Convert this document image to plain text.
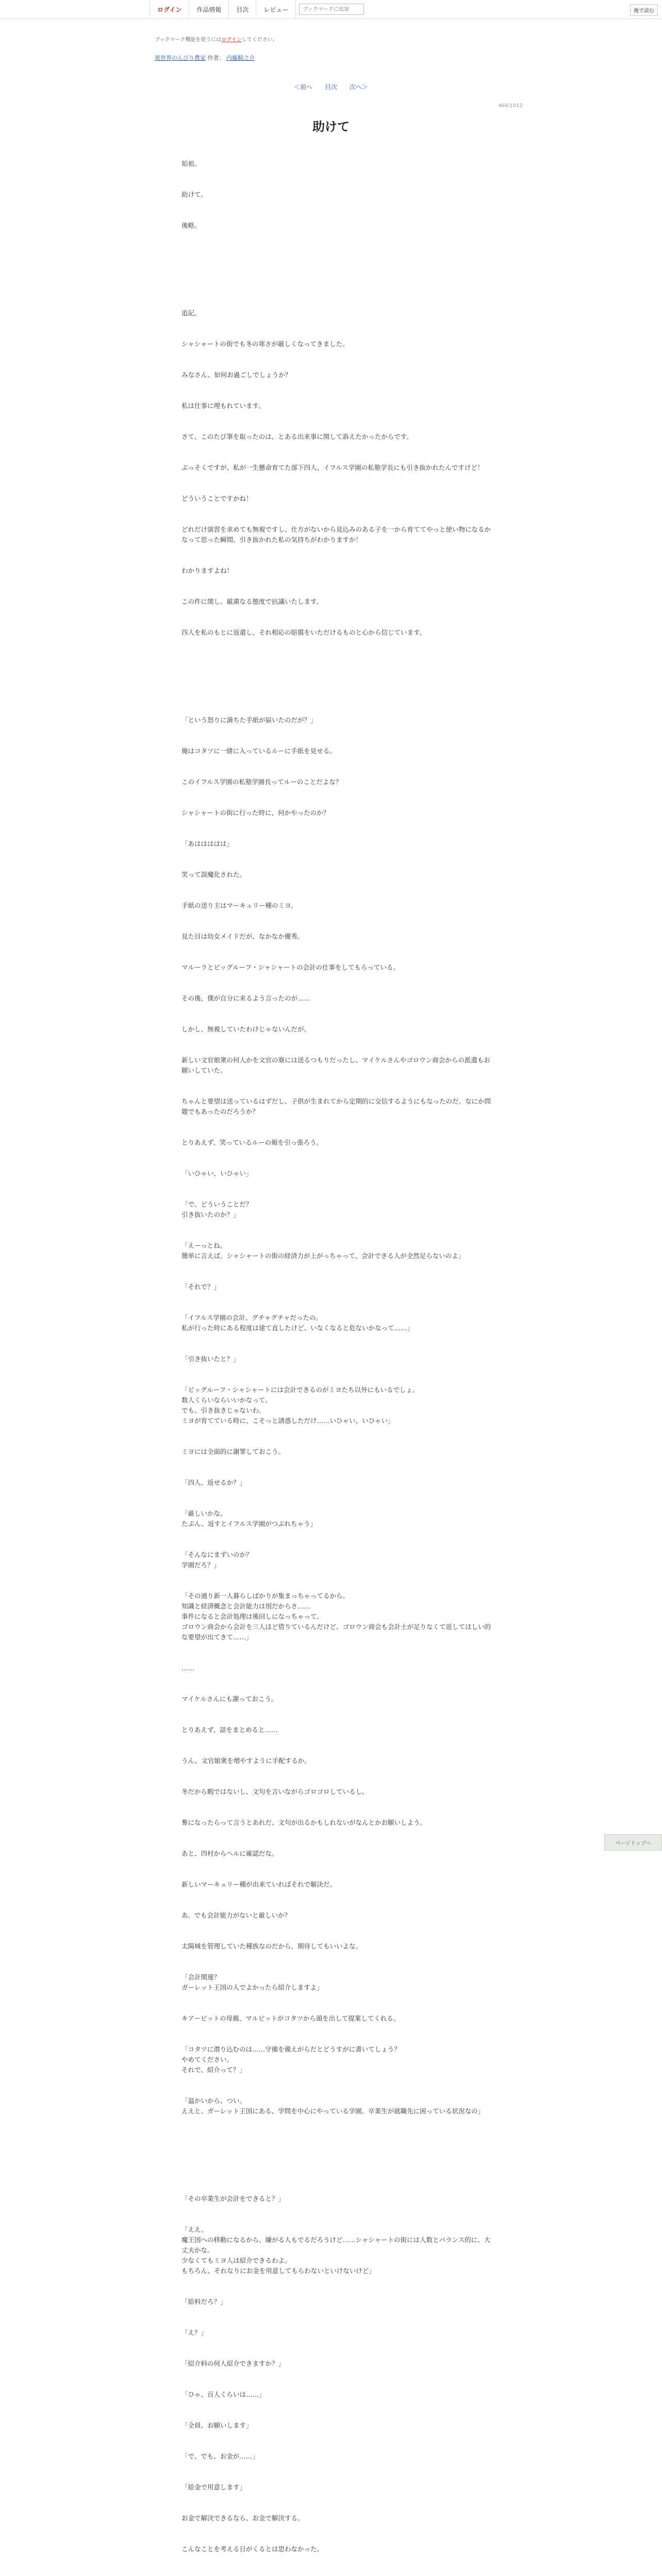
ログイン	作品情報	目次	レビュー
ブックマークに追加	後で読む
ブックマーク機能を使うにはログインしてください。
異世界のんびり農家 作者： 内藤騎之介
＜前へ 目次 次へ＞
464/1012
助けて

始祖。

助けて。

後略。

追記。

シャシャートの街でも冬の寒さが厳しくなってきました。

みなさん、如何お過ごしでしょうか？

私は仕事に埋もれています。

さて、このたび筆を取ったのは、とある出来事に関して訴えたかったからです。

ぶっそくですが、私が一生懸命育てた部下四人、イフルス学園の私塾学長にも引き抜かれたんですけど！

どういうことですかね！

どれだけ演習を求めても無視ですし、仕方がないから見込みのある子を一から育ててやっと使い物になるかなって思った瞬間、引き抜かれた私の気持ちがわかりますか！

わかりますよね！

この件に関し、厳粛なる態度で抗議いたします。

四人を私のもとに返還し、それ相応の賠償をいただけるものと心から信じています。

「という怒りに満ちた手紙が届いたのだが？」

俺はコタツに一緒に入っているルーに手紙を見せる。

このイフルス学園の私塾学園長ってルーのことだよな？

シャシャートの街に行った時に、何かやったのか？

「あははははは」

笑って誤魔化された。

手紙の送り主はマーキュリー種のミヨ。

見た目は幼女メイドだが、なかなか優秀。

マルーラとビッグルーフ・シャシャートの会計の仕事をしてもらっている。

その後、僕が自分に来るよう言ったのが……

しかし、無視していたわけじゃないんだが。

新しい文官娘衆の何人かを文官の寮には送るつもりだったし、マイケルさんやゴロウン商会からの派遣もお願いしていた。

ちゃんと要望は送っているはずだし、子供が生まれてから定期的に交信するようにもなったのだ。なにか問題でもあったのだろうか？

とりあえず、笑っているルーの頬を引っ張ろう。

「いひゃい、いひゃい」

「で、どういうことだ？
引き抜いたのか？」

「えーっとね。
簡単に言えば、シャシャートの街の経済力が上がっちゃって、会計できる人が全然足らないのよ」

「それで？」

「イフルス学園の会計、グチャグチャだったの。
私が行った時にある程度は建て直したけど、いなくなると危ないかなって……」

「引き抜いたと？」

「ビッグルーフ・シャシャートには会計できるのがミヨたち以外にもいるでしょ。
数人くらいならいいかなって。
でも、引き抜きじゃないわ。
ミヨが育てている時に、こそっと誘惑しただけ……いひゃい、いひゃい」

ミヨには全面的に謝罪しておこう。

「四人、返せるか？」

「厳しいかな。
たぶん、返すとイフルス学園がつぶれちゃう」

「そんなにまずいのか？
学園だろ？」

「その通り新一人暮らしばかりが集まっちゃってるから。
知識と経済概念と会計能力は別だからさ……
事件になると会計処理は後回しになっちゃって。
ゴロウン商会から会計を三人ほど借りているんだけど、ゴロウン商会も会計士が足りなくて返してほしい的な要望が出てきて……」

……

マイケルさんにも謝っておこう。

とりあえず、話をまとめると……

うん、文官娘衆を増やすように手配するか。

冬だから暇ではないし、文句を言いながらゴロゴロしているし。

奪になったらって言うとあれだ、文句が出るかもしれないがなんとかお願いしよう。

あと、四村からヘルに確認だな。

新しいマーキュリー種が出来ていればそれで解決だ。

あ、でも会計能力がないと厳しいか？

太陽城を管理していた種族なのだから、期待してもいいよな。

「会計関連？
ガーレット王国の人でよかったら紹介しますよ」

キアービットの母親、マルビットがコタツから頭を出して提案してくれる。

「コタツに潜り込むのは……守備を備えがらだとどうすがに書いてしょう？
やめてください。
それで、紹介って？」

「温かいから、つい。
ええと、ガーレット王国にある、学問を中心にやっている学園。卒業生が就職先に困っている状況なの」

「その卒業生が会計をできると？」

「ええ。
魔王国への移動になるから、嫌がる人もでるだろうけど……シャシャートの街には人数とバランス的に、大丈夫かな。
少なくてもミヨ人は紹介できるわよ。
もちろん、それなりにお金を用意してもらわないといけないけど」

「給料だろ？」

「え？」

「紹介料の何人紹介できますか？」

「ひゃ、百人くらいは……」

「全員、お願いします」

「で、でも、お金が……」

「給金で用意します」

お金で解決できるなら、お金で解決する。

こんなことを考える日がくるとは思わなかった。

ページトップへ
